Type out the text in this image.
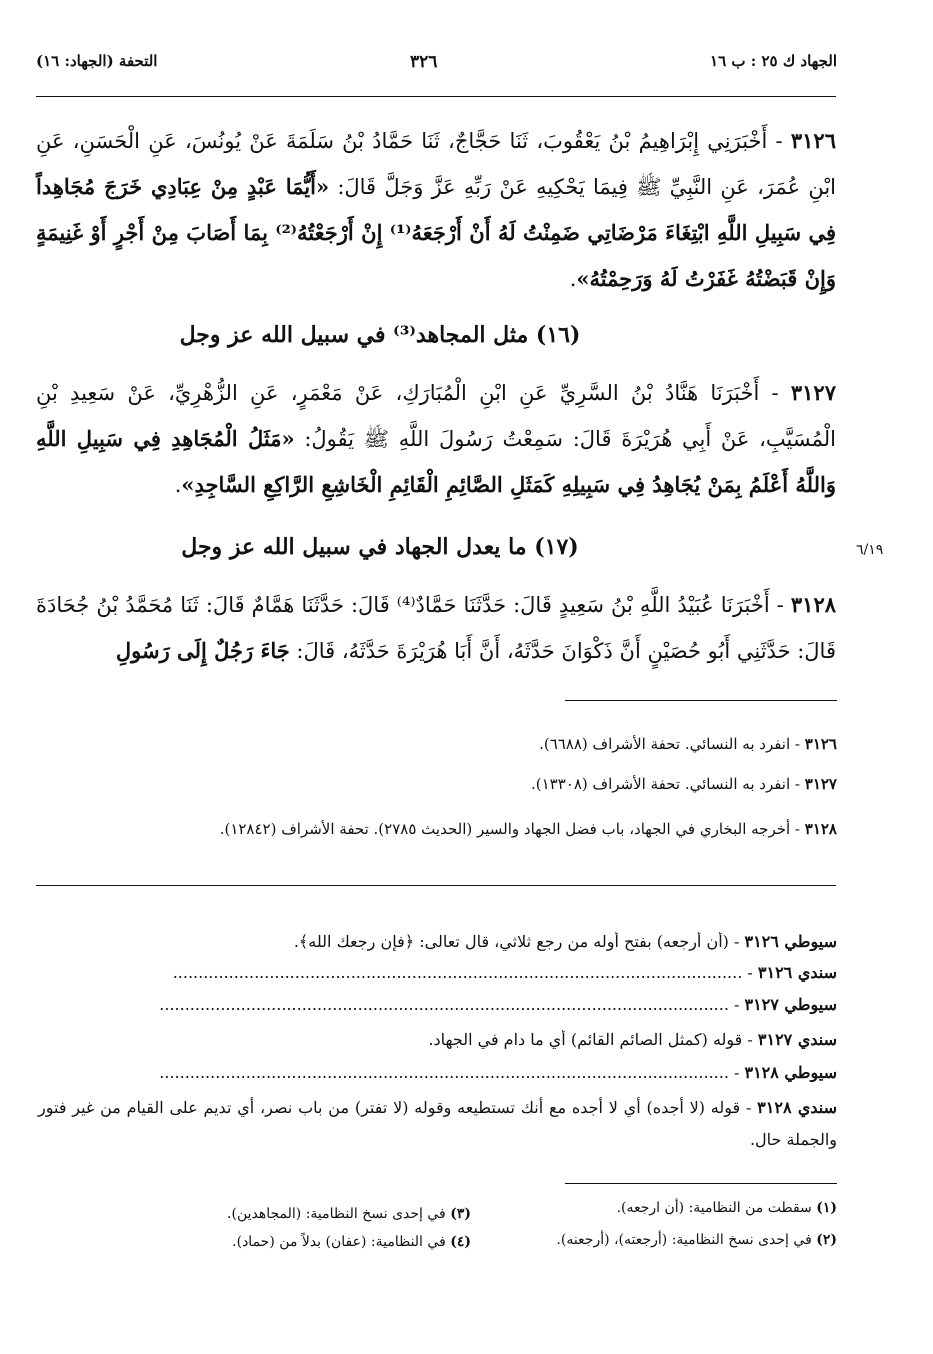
الجهاد ك ٢٥ : ب ١٦
٣٢٦
التحفة (الجهاد: ١٦)
٣١٢٦ - أَخْبَرَنِي إِبْرَاهِيمُ بْنُ يَعْقُوبَ، ثَنَا حَجَّاجٌ، ثَنَا حَمَّادُ بْنُ سَلَمَةَ عَنْ يُونُسَ، عَنِ الْحَسَنِ، عَنِ ابْنِ عُمَرَ، عَنِ النَّبِيِّ ﷺ فِيمَا يَحْكِيهِ عَنْ رَبِّهِ عَزَّ وَجَلَّ قَالَ: «أَيُّمَا عَبْدٍ مِنْ عِبَادِي خَرَجَ مُجَاهِداً فِي سَبِيلِ اللَّهِ ابْتِغَاءَ مَرْضَاتِي ضَمِنْتُ لَهُ أَنْ أَرْجَعَهُ⁽¹⁾ إِنْ أَرْجَعْتُهُ⁽²⁾ بِمَا أَصَابَ مِنْ أَجْرٍ أَوْ غَنِيمَةٍ وَإِنْ قَبَضْتُهُ غَفَرْتُ لَهُ وَرَحِمْتُهُ».
(١٦) مثل المجاهد⁽³⁾ في سبيل الله عز وجل
٣١٢٧ - أَخْبَرَنَا هَنَّادُ بْنُ السَّرِيِّ عَنِ ابْنِ الْمُبَارَكِ، عَنْ مَعْمَرٍ، عَنِ الزُّهْرِيِّ، عَنْ سَعِيدِ بْنِ الْمُسَيَّبِ، عَنْ أَبِي هُرَيْرَةَ قَالَ: سَمِعْتُ رَسُولَ اللَّهِ ﷺ يَقُولُ: «مَثَلُ الْمُجَاهِدِ فِي سَبِيلِ اللَّهِ وَاللَّهُ أَعْلَمُ بِمَنْ يُجَاهِدُ فِي سَبِيلِهِ كَمَثَلِ الصَّائِمِ الْقَائِمِ الْخَاشِعِ الرَّاكِعِ السَّاجِدِ».
(١٧) ما يعدل الجهاد في سبيل الله عز وجل	٦/١٩
٣١٢٨ - أَخْبَرَنَا عُبَيْدُ اللَّهِ بْنُ سَعِيدٍ قَالَ: حَدَّثَنَا حَمَّادٌ⁽⁴⁾ قَالَ: حَدَّثَنَا هَمَّامٌ قَالَ: ثَنَا مُحَمَّدُ بْنُ جُحَادَةَ قَالَ: حَدَّثَنِي أَبُو حُصَيْنٍ أَنَّ ذَكْوَانَ حَدَّثَهُ، أَنَّ أَبَا هُرَيْرَةَ حَدَّثَهُ، قَالَ: جَاءَ رَجُلٌ إِلَى رَسُولِ
٣١٢٦ - انفرد به النسائي. تحفة الأشراف (٦٦٨٨).
٣١٢٧ - انفرد به النسائي. تحفة الأشراف (١٣٣٠٨).
٣١٢٨ - أخرجه البخاري في الجهاد، باب فضل الجهاد والسير (الحديث ٢٧٨٥). تحفة الأشراف (١٢٨٤٢).
سيوطي ٣١٢٦ - (أن أرجعه) بفتح أوله من رجع ثلاثي، قال تعالى: ﴿فإن رجعك الله﴾.
سندي ٣١٢٦ - ................................................................................................................
سيوطي ٣١٢٧ - ................................................................................................................
سندي ٣١٢٧ - قوله (كمثل الصائم القائم) أي ما دام في الجهاد.
سيوطي ٣١٢٨ - ................................................................................................................
سندي ٣١٢٨ - قوله (لا أجده) أي لا أجده مع أنك تستطيعه وقوله (لا تفتر) من باب نصر، أي تديم على القيام من غير فتور والجملة حال.
(١) سقطت من النظامية: (أن ارجعه).
(٢) في إحدى نسخ النظامية: (أرجعته)، (أرجعنه).
(٣) في إحدى نسخ النظامية: (المجاهدين).
(٤) في النظامية: (عفان) بدلاً من (حماد).
